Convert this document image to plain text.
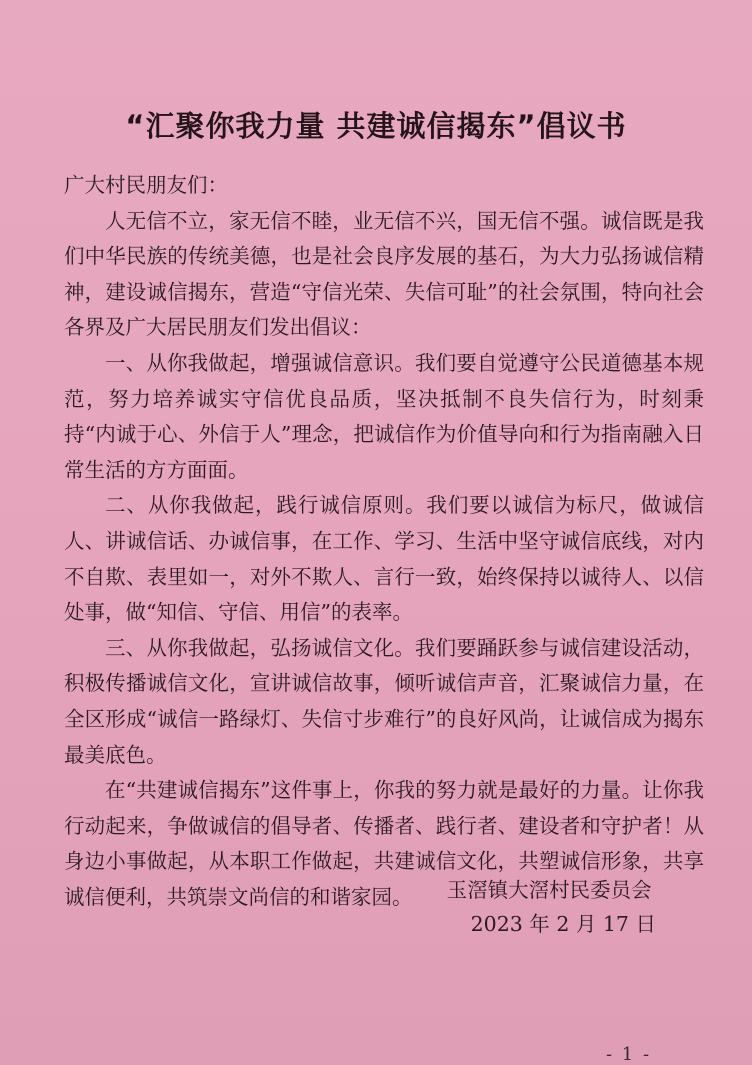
“汇聚你我力量 共建诚信揭东”倡议书

广大村民朋友们：

人无信不立，家无信不睦，业无信不兴，国无信不强。诚信既是我们中华民族的传统美德，也是社会良序发展的基石，为大力弘扬诚信精神，建设诚信揭东，营造“守信光荣、失信可耻”的社会氛围，特向社会各界及广大居民朋友们发出倡议：

一、从你我做起，增强诚信意识。我们要自觉遵守公民道德基本规范，努力培养诚实守信优良品质，坚决抵制不良失信行为，时刻秉持“内诚于心、外信于人”理念，把诚信作为价值导向和行为指南融入日常生活的方方面面。

二、从你我做起，践行诚信原则。我们要以诚信为标尺，做诚信人、讲诚信话、办诚信事，在工作、学习、生活中坚守诚信底线，对内不自欺、表里如一，对外不欺人、言行一致，始终保持以诚待人、以信处事，做“知信、守信、用信”的表率。

三、从你我做起，弘扬诚信文化。我们要踊跃参与诚信建设活动，积极传播诚信文化，宣讲诚信故事，倾听诚信声音，汇聚诚信力量，在全区形成“诚信一路绿灯、失信寸步难行”的良好风尚，让诚信成为揭东最美底色。

在“共建诚信揭东”这件事上，你我的努力就是最好的力量。让你我行动起来，争做诚信的倡导者、传播者、践行者、建设者和守护者！从身边小事做起，从本职工作做起，共建诚信文化，共塑诚信形象，共享诚信便利，共筑崇文尚信的和谐家园。	玉滘镇大滘村民委员会
2023 年 2 月 17 日
- 1 -
